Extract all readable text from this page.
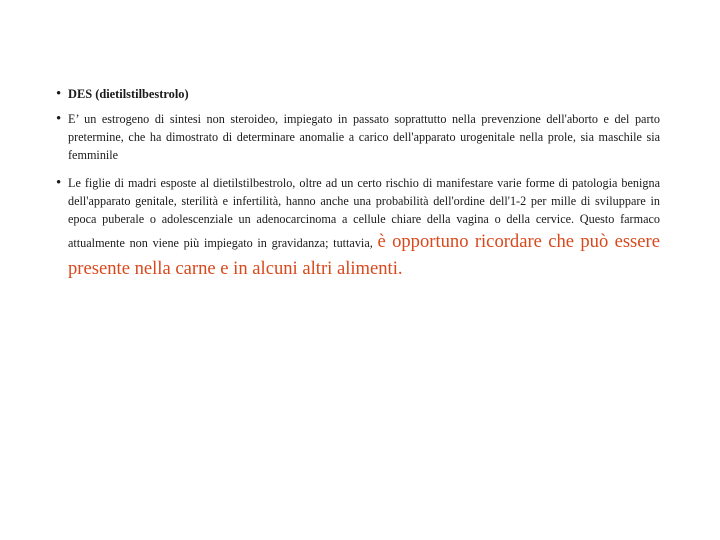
• DES (dietilstilbestrolo)
• E’ un estrogeno di sintesi non steroideo, impiegato in passato soprattutto nella prevenzione dell'aborto e del parto pretermine, che ha dimostrato di determinare anomalie a carico dell'apparato urogenitale nella prole, sia maschile sia femminile
• Le figlie di madri esposte al dietilstilbestrolo, oltre ad un certo rischio di manifestare varie forme di patologia benigna dell'apparato genitale, sterilità e infertilità, hanno anche una probabilità dell'ordine dell'1-2 per mille di sviluppare in epoca puberale o adolescenziale un adenocarcinoma a cellule chiare della vagina o della cervice. Questo farmaco attualmente non viene più impiegato in gravidanza; tuttavia, è opportuno ricordare che può essere presente nella carne e in alcuni altri alimenti.
